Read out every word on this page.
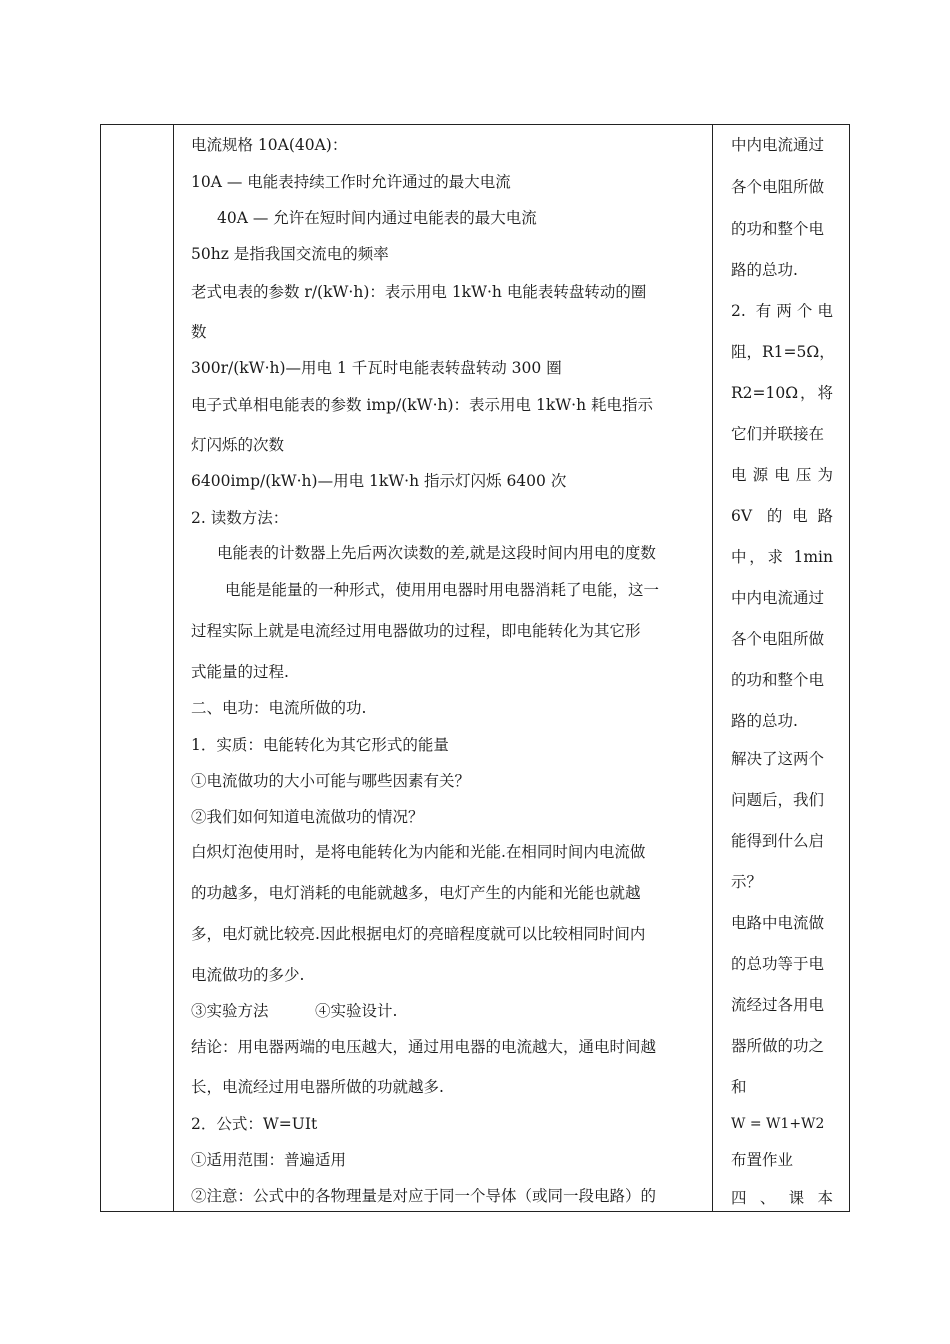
电流规格 10A(40A)：
10A — 电能表持续工作时允许通过的最大电流
40A — 允许在短时间内通过电能表的最大电流
50hz 是指我国交流电的频率
老式电表的参数 r/(kW·h)：表示用电 1kW·h 电能表转盘转动的圈
数
300r/(kW·h)—用电 1 千瓦时电能表转盘转动 300 圈
电子式单相电能表的参数 imp/(kW·h)：表示用电 1kW·h 耗电指示
灯闪烁的次数
6400imp/(kW·h)—用电 1kW·h 指示灯闪烁 6400 次
2. 读数方法：
电能表的计数器上先后两次读数的差,就是这段时间内用电的度数
电能是能量的一种形式，使用用电器时用电器消耗了电能，这一
过程实际上就是电流经过用电器做功的过程，即电能转化为其它形
式能量的过程.
二、电功：电流所做的功.
1．实质：电能转化为其它形式的能量
①电流做功的大小可能与哪些因素有关？
②我们如何知道电流做功的情况？
白炽灯泡使用时，是将电能转化为内能和光能.在相同时间内电流做
的功越多，电灯消耗的电能就越多，电灯产生的内能和光能也就越
多，电灯就比较亮.因此根据电灯的亮暗程度就可以比较相同时间内
电流做功的多少.
③实验方法　　　④实验设计.
结论：用电器两端的电压越大，通过用电器的电流越大，通电时间越
长，电流经过用电器所做的功就越多.
2．公式：W=UIt
①适用范围：普遍适用
②注意：公式中的各物理量是对应于同一个导体（或同一段电路）的
中内电流通过
各个电阻所做
的功和整个电
路的总功.
2. 有两个电
阻，R1=5Ω，
R2=10Ω，将
它们并联接在
电源电压为
6V 的电路
中，求 1min
中内电流通过
各个电阻所做
的功和整个电
路的总功.
解决了这两个
问题后，我们
能得到什么启
示？
电路中电流做
的总功等于电
流经过各用电
器所做的功之
和
W = W1+W2
布置作业
四 、 课 本
